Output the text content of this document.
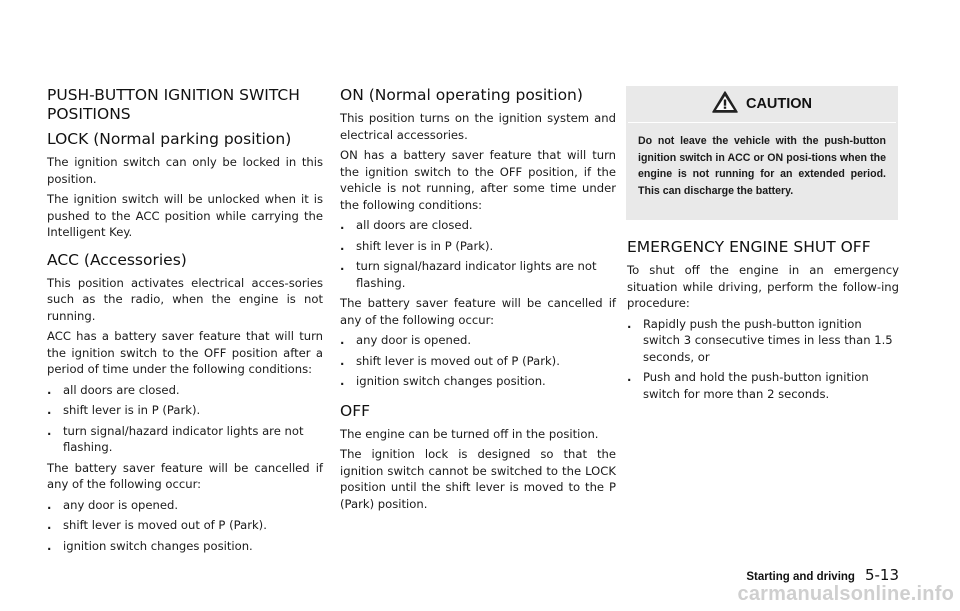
PUSH-BUTTON IGNITION SWITCH POSITIONS
LOCK (Normal parking position)

The ignition switch can only be locked in this position.

The ignition switch will be unlocked when it is pushed to the ACC position while carrying the Intelligent Key.

ACC (Accessories)

This position activates electrical acces-sories such as the radio, when the engine is not running.

ACC has a battery saver feature that will turn the ignition switch to the OFF position after a period of time under the following conditions:

. all doors are closed.
. shift lever is in P (Park).
. turn signal/hazard indicator lights are not flashing.

The battery saver feature will be cancelled if any of the following occur:

. any door is opened.
. shift lever is moved out of P (Park).
. ignition switch changes position.
ON (Normal operating position)

This position turns on the ignition system and electrical accessories.

ON has a battery saver feature that will turn the ignition switch to the OFF position, if the vehicle is not running, after some time under the following conditions:

. all doors are closed.
. shift lever is in P (Park).
. turn signal/hazard indicator lights are not flashing.

The battery saver feature will be cancelled if any of the following occur:

. any door is opened.
. shift lever is moved out of P (Park).
. ignition switch changes position.
OFF

The engine can be turned off in the position.

The ignition lock is designed so that the ignition switch cannot be switched to the LOCK position until the shift lever is moved to the P (Park) position.

CAUTION
Do not leave the vehicle with the push-button ignition switch in ACC or ON posi-tions when the engine is not running for an extended period. This can discharge the battery.
EMERGENCY ENGINE SHUT OFF

To shut off the engine in an emergency situation while driving, perform the follow-ing procedure:

. Rapidly push the push-button ignition switch 3 consecutive times in less than 1.5 seconds, or
. Push and hold the push-button ignition switch for more than 2 seconds.
Starting and driving 5-13
carmanualsonline.info
